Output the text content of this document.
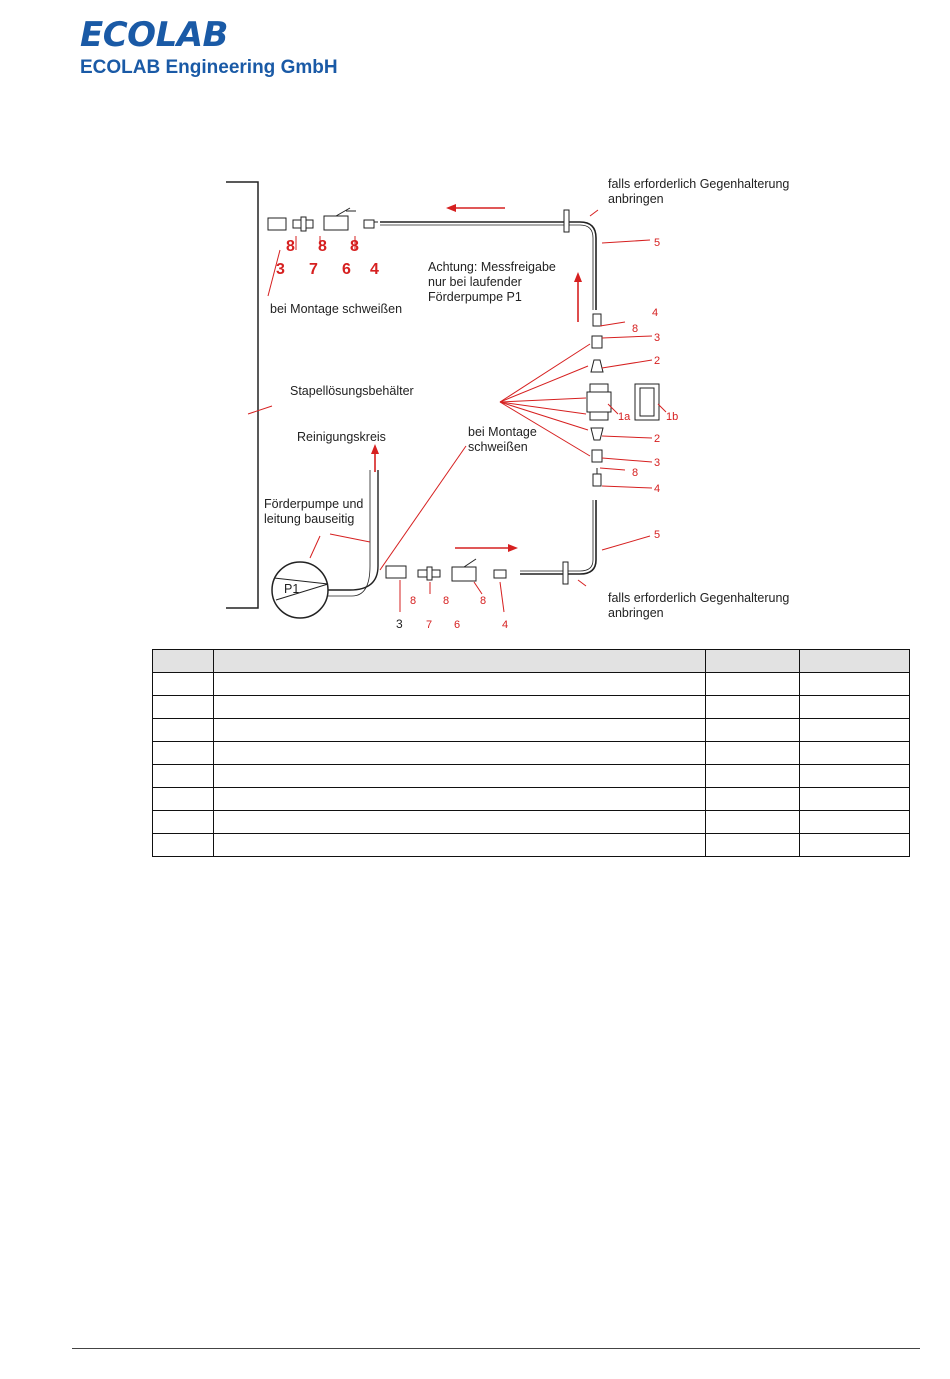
ECOLAB
ECOLAB Engineering GmbH
P1
falls erforderlich Gegenhalterung
anbringen
Achtung: Messfreigabe
nur bei laufender
Förderpumpe P1
bei Montage schweißen
Stapellösungsbehälter
Reinigungskreis	bei Montage
schweißen
Förderpumpe und
leitung bauseitig
falls erforderlich Gegenhalterung
anbringen
8 8 8
3 7 6 4
5
4
8
3
2
1a	1b
2
3
8
4
5
3
8
7
8
6
8
4
